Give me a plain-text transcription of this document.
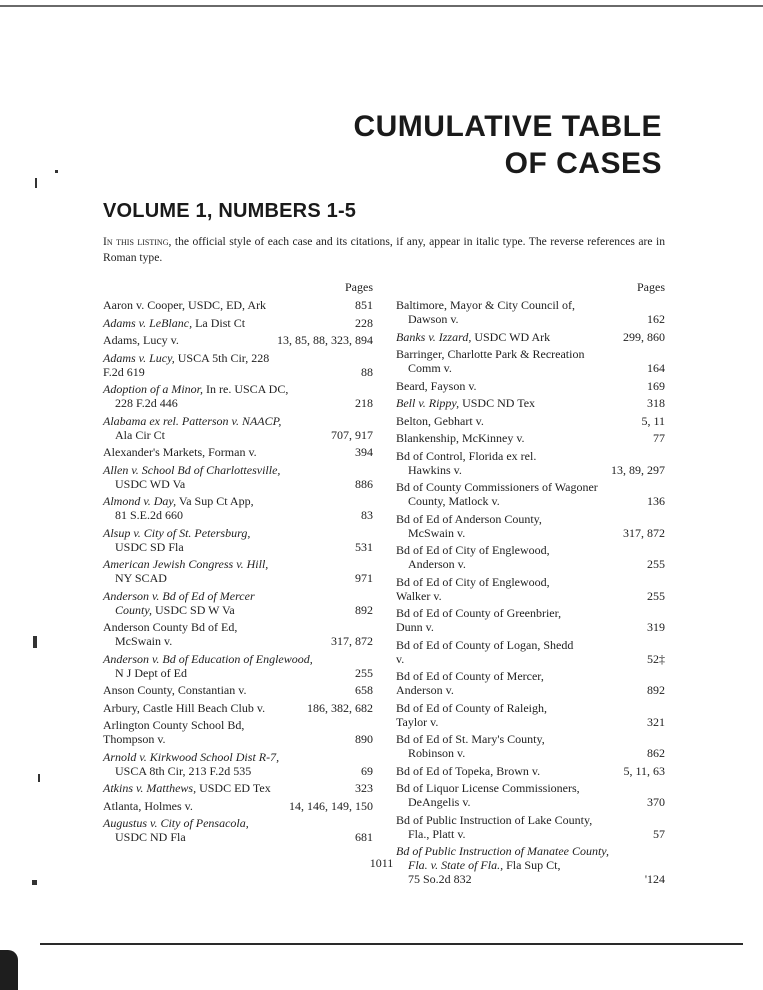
CUMULATIVE TABLE
OF CASES
VOLUME 1, NUMBERS 1-5

In this listing, the official style of each case and its citations, if any, appear in italic type. The reverse references are in Roman type.

Pages
Aaron v. Cooper, USDC, ED, Ark	851
Adams v. LeBlanc, La Dist Ct	228
Adams, Lucy v.	13, 85, 88, 323, 894
Adams v. Lucy, USCA 5th Cir, 228 F.2d 619	88
Adoption of a Minor, In re. USCA DC,
228 F.2d 446	218
Alabama ex rel. Patterson v. NAACP,
Ala Cir Ct	707, 917
Alexander's Markets, Forman v.	394
Allen v. School Bd of Charlottesville,
USDC WD Va	886
Almond v. Day, Va Sup Ct App,
81 S.E.2d 660	83
Alsup v. City of St. Petersburg,
USDC SD Fla	531
American Jewish Congress v. Hill,
NY SCAD	971
Anderson v. Bd of Ed of Mercer
County, USDC SD W Va	892
Anderson County Bd of Ed,
McSwain v.	317, 872
Anderson v. Bd of Education of Englewood,
N J Dept of Ed	255
Anson County, Constantian v.	658
Arbury, Castle Hill Beach Club v.	186, 382, 682
Arlington County School Bd, Thompson v.	890
Arnold v. Kirkwood School Dist R-7,
USCA 8th Cir, 213 F.2d 535	69
Atkins v. Matthews, USDC ED Tex	323
Atlanta, Holmes v.	14, 146, 149, 150
Augustus v. City of Pensacola,
USDC ND Fla	681
Pages
Baltimore, Mayor & City Council of,
Dawson v.	162
Banks v. Izzard, USDC WD Ark	299, 860
Barringer, Charlotte Park & Recreation
Comm v.	164
Beard, Fayson v.	169
Bell v. Rippy, USDC ND Tex	318
Belton, Gebhart v.	5, 11
Blankenship, McKinney v.	77
Bd of Control, Florida ex rel.
Hawkins v.	13, 89, 297
Bd of County Commissioners of Wagoner
County, Matlock v.	136
Bd of Ed of Anderson County,
McSwain v.	317, 872
Bd of Ed of City of Englewood,
Anderson v.	255
Bd of Ed of City of Englewood, Walker v.	255
Bd of Ed of County of Greenbrier, Dunn v.	319
Bd of Ed of County of Logan, Shedd v.	52‡
Bd of Ed of County of Mercer, Anderson v.	892
Bd of Ed of County of Raleigh, Taylor v.	321
Bd of Ed of St. Mary's County,
Robinson v.	862
Bd of Ed of Topeka, Brown v.	5, 11, 63
Bd of Liquor License Commissioners,
DeAngelis v.	370
Bd of Public Instruction of Lake County,
Fla., Platt v.	57
Bd of Public Instruction of Manatee County,
Fla. v. State of Fla., Fla Sup Ct,
75 So.2d 832	'124
1011
